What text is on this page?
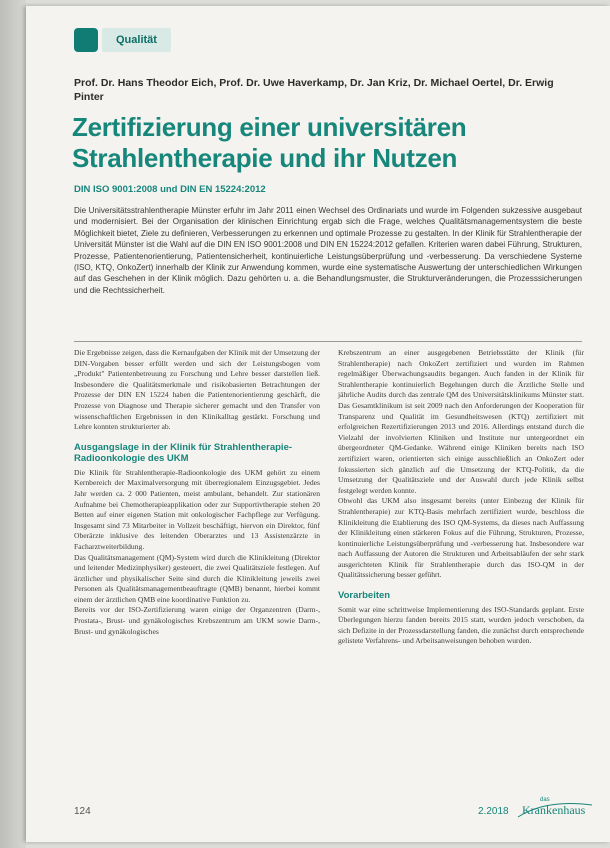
Qualität
Prof. Dr. Hans Theodor Eich, Prof. Dr. Uwe Haverkamp, Dr. Jan Kriz, Dr. Michael Oertel, Dr. Erwig Pinter
Zertifizierung einer universitären Strahlentherapie und ihr Nutzen
DIN ISO 9001:2008 und DIN EN 15224:2012

Die Universitätsstrahlentherapie Münster erfuhr im Jahr 2011 einen Wechsel des Ordinariats und wurde im Folgenden sukzessive ausgebaut und modernisiert. Bei der Organisation der klinischen Einrichtung ergab sich die Frage, welches Qualitätsmanagementsystem die beste Möglichkeit bietet, Ziele zu definieren, Verbesserungen zu erkennen und optimale Prozesse zu gestalten. In der Klinik für Strahlentherapie der Universität Münster ist die Wahl auf die DIN EN ISO 9001:2008 und DIN EN 15224:2012 gefallen. Kriterien waren dabei Führung, Strukturen, Prozesse, Patientenorientierung, Patientensicherheit, kontinuierliche Leistungsüberprüfung und -verbesserung. Da verschiedene Systeme (ISO, KTQ, OnkoZert) innerhalb der Klinik zur Anwendung kommen, wurde eine systematische Auswertung der unterschiedlichen Wirkungen auf das Geschehen in der Klinik möglich. Dazu gehörten u. a. die Behandlungsmuster, die Strukturveränderungen, die Prozesssicherungen und die Rechtssicherheit.

Die Ergebnisse zeigen, dass die Kernaufgaben der Klinik mit der Umsetzung der DIN-Vorgaben besser erfüllt werden und sich der Leistungsbogen vom „Produkt" Patientenbetreuung zu Forschung und Lehre besser darstellen ließ. Insbesondere die Qualitätsmerkmale und risikobasierten Betrachtungen der Prozesse der DIN EN 15224 haben die Patientenorientierung geschärft, die Prozesse von Diagnose und Therapie sicherer gemacht und den Transfer von wissenschaftlichen Ergebnissen in den Klinikalltag gestärkt. Forschung und Lehre konnten strukturierter ab.

Ausgangslage in der Klinik für Strahlentherapie-Radioonkologie des UKM

Die Klinik für Strahlentherapie-Radioonkologie des UKM gehört zu einem Kernbereich der Maximalversorgung mit überregionalem Einzugsgebiet. Jedes Jahr werden ca. 2 000 Patienten, meist ambulant, behandelt. Zur stationären Aufnahme bei Chemotherapieapplikation oder zur Supportivtherapie stehen 20 Betten auf einer eigenen Station mit onkologischer Fachpflege zur Verfügung. Insgesamt sind 73 Mitarbeiter in Vollzeit beschäftigt, hiervon ein Direktor, fünf Oberärzte inklusive des leitenden Oberarztes und 13 Assistenzärzte in Facharztweiterbildung.

Das Qualitätsmanagement (QM)-System wird durch die Klinikleitung (Direktor und leitender Medizinphysiker) gesteuert, die zwei Qualitätsziele festlegen. Auf ärztlicher und physikalischer Seite sind durch die Klinikleitung jeweils zwei Personen als Qualitätsmanagementbeauftragte (QMB) benannt, hierbei kommt einem der ärztlichen QMB eine koordinative Funktion zu.

Bereits vor der ISO-Zertifizierung waren einige der Organzentren (Darm-, Prostata-, Brust- und gynäkologisches Krebszentrum am UKM sowie Darm-, Brust- und gynäkologisches

Krebszentrum an einer ausgegebenen Betriebsstätte der Klinik (für Strahlentherapie) nach OnkoZert zertifiziert und wurden im Rahmen regelmäßiger Überwachungsaudits begangen. Auch fanden in der Klinik für Strahlentherapie kontinuierlich Begehungen durch die Ärztliche Stelle und jährliche Audits durch das zentrale QM des Universitätsklinikums Münster statt. Das Gesamtklinikum ist seit 2009 nach den Anforderungen der Kooperation für Transparenz und Qualität im Gesundheitswesen (KTQ) zertifiziert mit erfolgreichen Rezertifizierungen 2013 und 2016. Allerdings entstand durch die Vielzahl der involvierten Kliniken und Institute nur untergeordnet ein übergeordneter QM-Gedanke. Während einige Kliniken bereits nach ISO zertifiziert waren, orientierten sich einige ausschließlich an OnkoZert oder fokussierten sich gänzlich auf die Umsetzung der KTQ-Politik, da die Umsetzung der Qualitätsziele und der Auswahl durch jede Klinik selbst festgelegt werden konnte.

Obwohl das UKM also insgesamt bereits (unter Einbezug der Klinik für Strahlentherapie) zur KTQ-Basis mehrfach zertifiziert wurde, beschloss die Klinikleitung die Etablierung des ISO QM-Systems, da dieses nach Auffassung der Klinikleitung einen stärkeren Fokus auf die Führung, Strukturen, Prozesse, kontinuierliche Leistungsüberprüfung und -verbesserung hat. Insbesondere war nach Auffassung der Autoren die Strukturen und Arbeitsabläufen der sehr stark ausgerichteten Klinik für Strahlentherapie durch das ISO-QM in der Qualitätssicherung besser geführt.

Vorarbeiten

Somit war eine schrittweise Implementierung des ISO-Standards geplant. Erste Überlegungen hierzu fanden bereits 2015 statt, wurden jedoch verschoben, da sich Defizite in der Prozessdarstellung fanden, die zunächst durch entsprechende gelistete Verfahrens- und Arbeitsanweisungen behoben wurden.

124	2.2018
das
Krankenhaus
